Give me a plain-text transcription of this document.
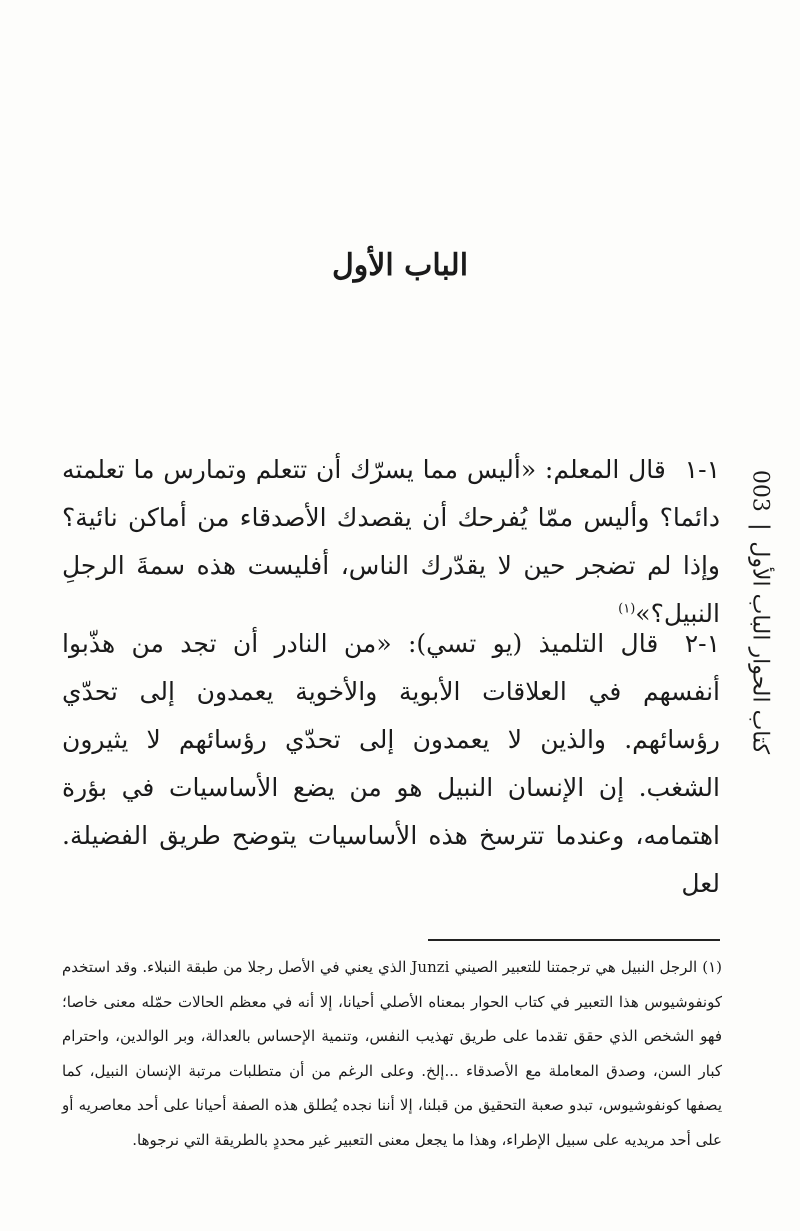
الباب الأول
كتاب الحوار الباب الأول
003
١-١ قال المعلم: «أليس مما يسرّك أن تتعلم وتمارس ما تعلمته دائما؟ وأليس ممّا يُفرحك أن يقصدك الأصدقاء من أماكن نائية؟ وإذا لم تضجر حين لا يقدّرك الناس، أفليست هذه سمةَ الرجلِ النبيل؟»$^{(١)}$
١-٢ قال التلميذ (يو تسي): «من النادر أن تجد من هذّبوا أنفسهم في العلاقات الأبوية والأخوية يعمدون إلى تحدّي رؤسائهم. والذين لا يعمدون إلى تحدّي رؤسائهم لا يثيرون الشغب. إن الإنسان النبيل هو من يضع الأساسيات في بؤرة اهتمامه، وعندما تترسخ هذه الأساسيات يتوضح طريق الفضيلة. لعل
(١) الرجل النبيل هي ترجمتنا للتعبير الصيني Junzi الذي يعني في الأصل رجلا من طبقة النبلاء. وقد استخدم كونفوشيوس هذا التعبير في كتاب الحوار بمعناه الأصلي أحيانا، إلا أنه في معظم الحالات حمّله معنى خاصا؛ فهو الشخص الذي حقق تقدما على طريق تهذيب النفس، وتنمية الإحساس بالعدالة، وبر الوالدين، واحترام كبار السن، وصدق المعاملة مع الأصدقاء ...إلخ. وعلى الرغم من أن متطلبات مرتبة الإنسان النبيل، كما يصفها كونفوشيوس، تبدو صعبة التحقيق من قبلنا، إلا أننا نجده يُطلق هذه الصفة أحيانا على أحد معاصريه أو على أحد مريديه على سبيل الإطراء، وهذا ما يجعل معنى التعبير غير محددٍ بالطريقة التي نرجوها.
